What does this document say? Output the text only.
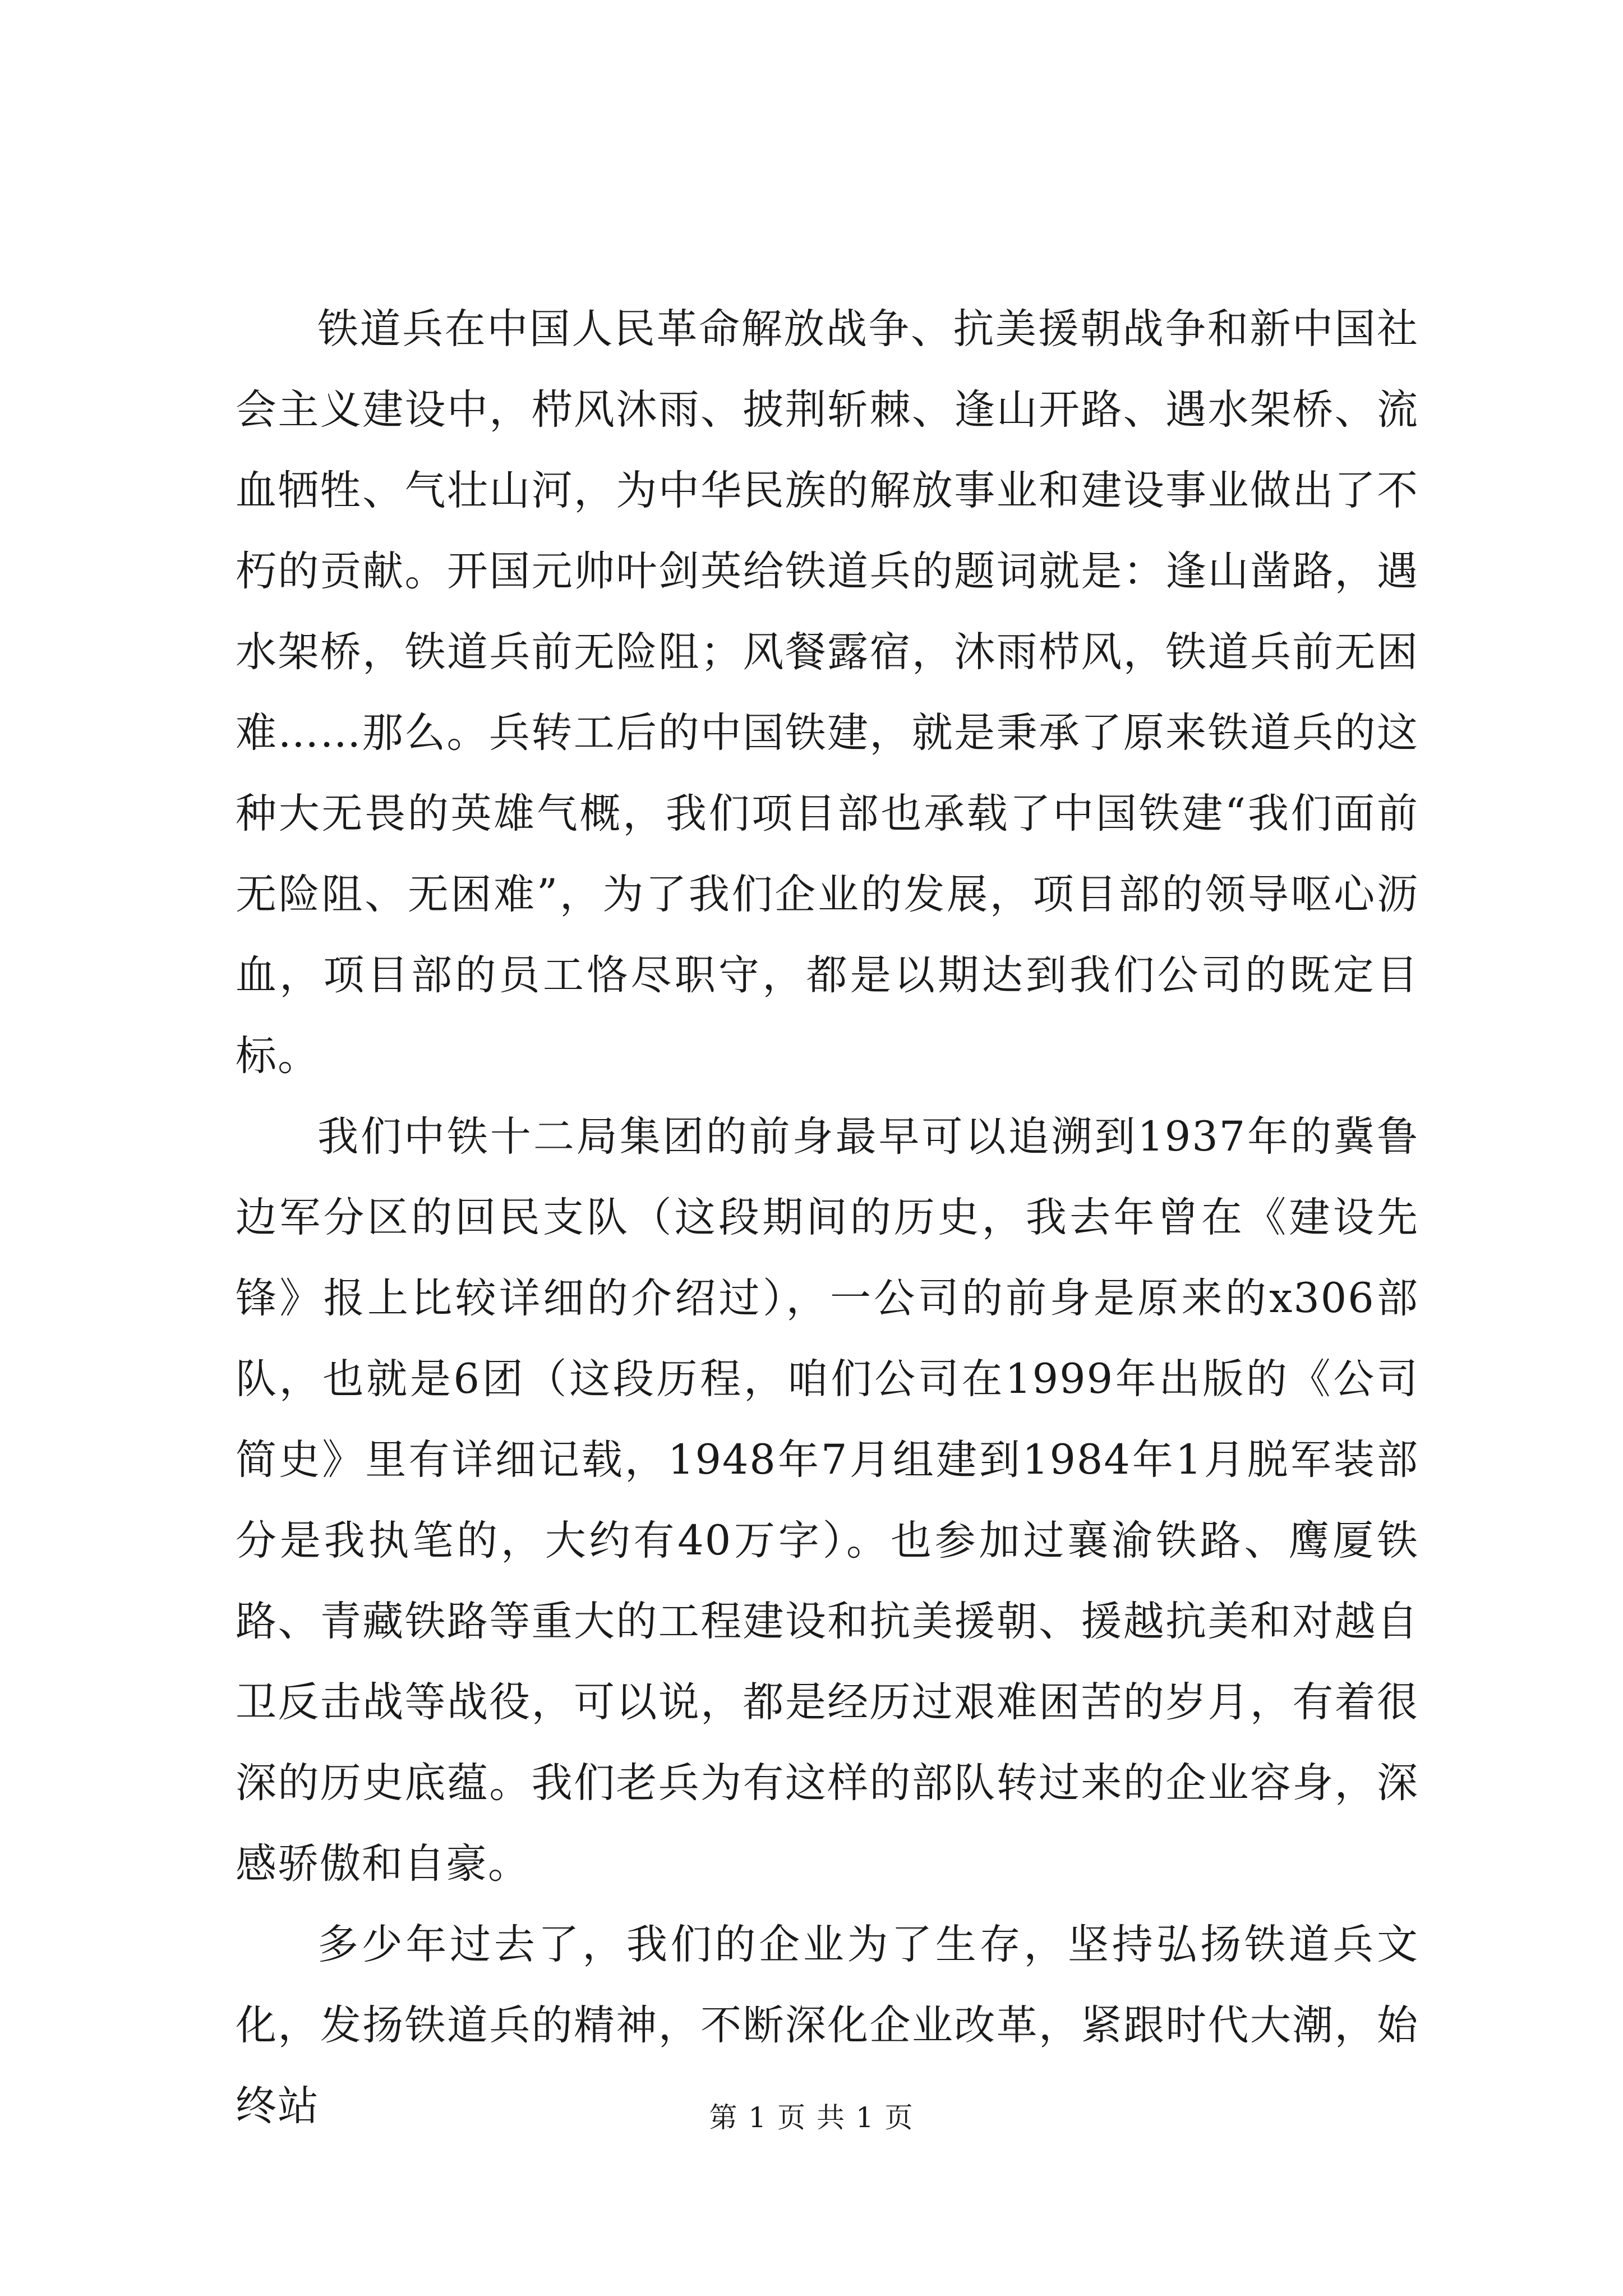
铁道兵在中国人民革命解放战争、抗美援朝战争和新中国社会主义建设中，栉风沐雨、披荆斩棘、逢山开路、遇水架桥、流血牺牲、气壮山河，为中华民族的解放事业和建设事业做出了不朽的贡献。开国元帅叶剑英给铁道兵的题词就是：逢山凿路，遇水架桥，铁道兵前无险阻；风餐露宿，沐雨栉风，铁道兵前无困难……那么。兵转工后的中国铁建，就是秉承了原来铁道兵的这种大无畏的英雄气概，我们项目部也承载了中国铁建“我们面前无险阻、无困难”，为了我们企业的发展，项目部的领导呕心沥血，项目部的员工恪尽职守，都是以期达到我们公司的既定目标。

我们中铁十二局集团的前身最早可以追溯到1937年的冀鲁边军分区的回民支队（这段期间的历史，我去年曾在《建设先锋》报上比较详细的介绍过），一公司的前身是原来的x306部队，也就是6团（这段历程，咱们公司在1999年出版的《公司简史》里有详细记载，1948年7月组建到1984年1月脱军装部分是我执笔的，大约有40万字）。也参加过襄渝铁路、鹰厦铁路、青藏铁路等重大的工程建设和抗美援朝、援越抗美和对越自卫反击战等战役，可以说，都是经历过艰难困苦的岁月，有着很深的历史底蕴。我们老兵为有这样的部队转过来的企业容身，深感骄傲和自豪。

多少年过去了，我们的企业为了生存，坚持弘扬铁道兵文化，发扬铁道兵的精神，不断深化企业改革，紧跟时代大潮，始终站	第 1 页 共 1 页
